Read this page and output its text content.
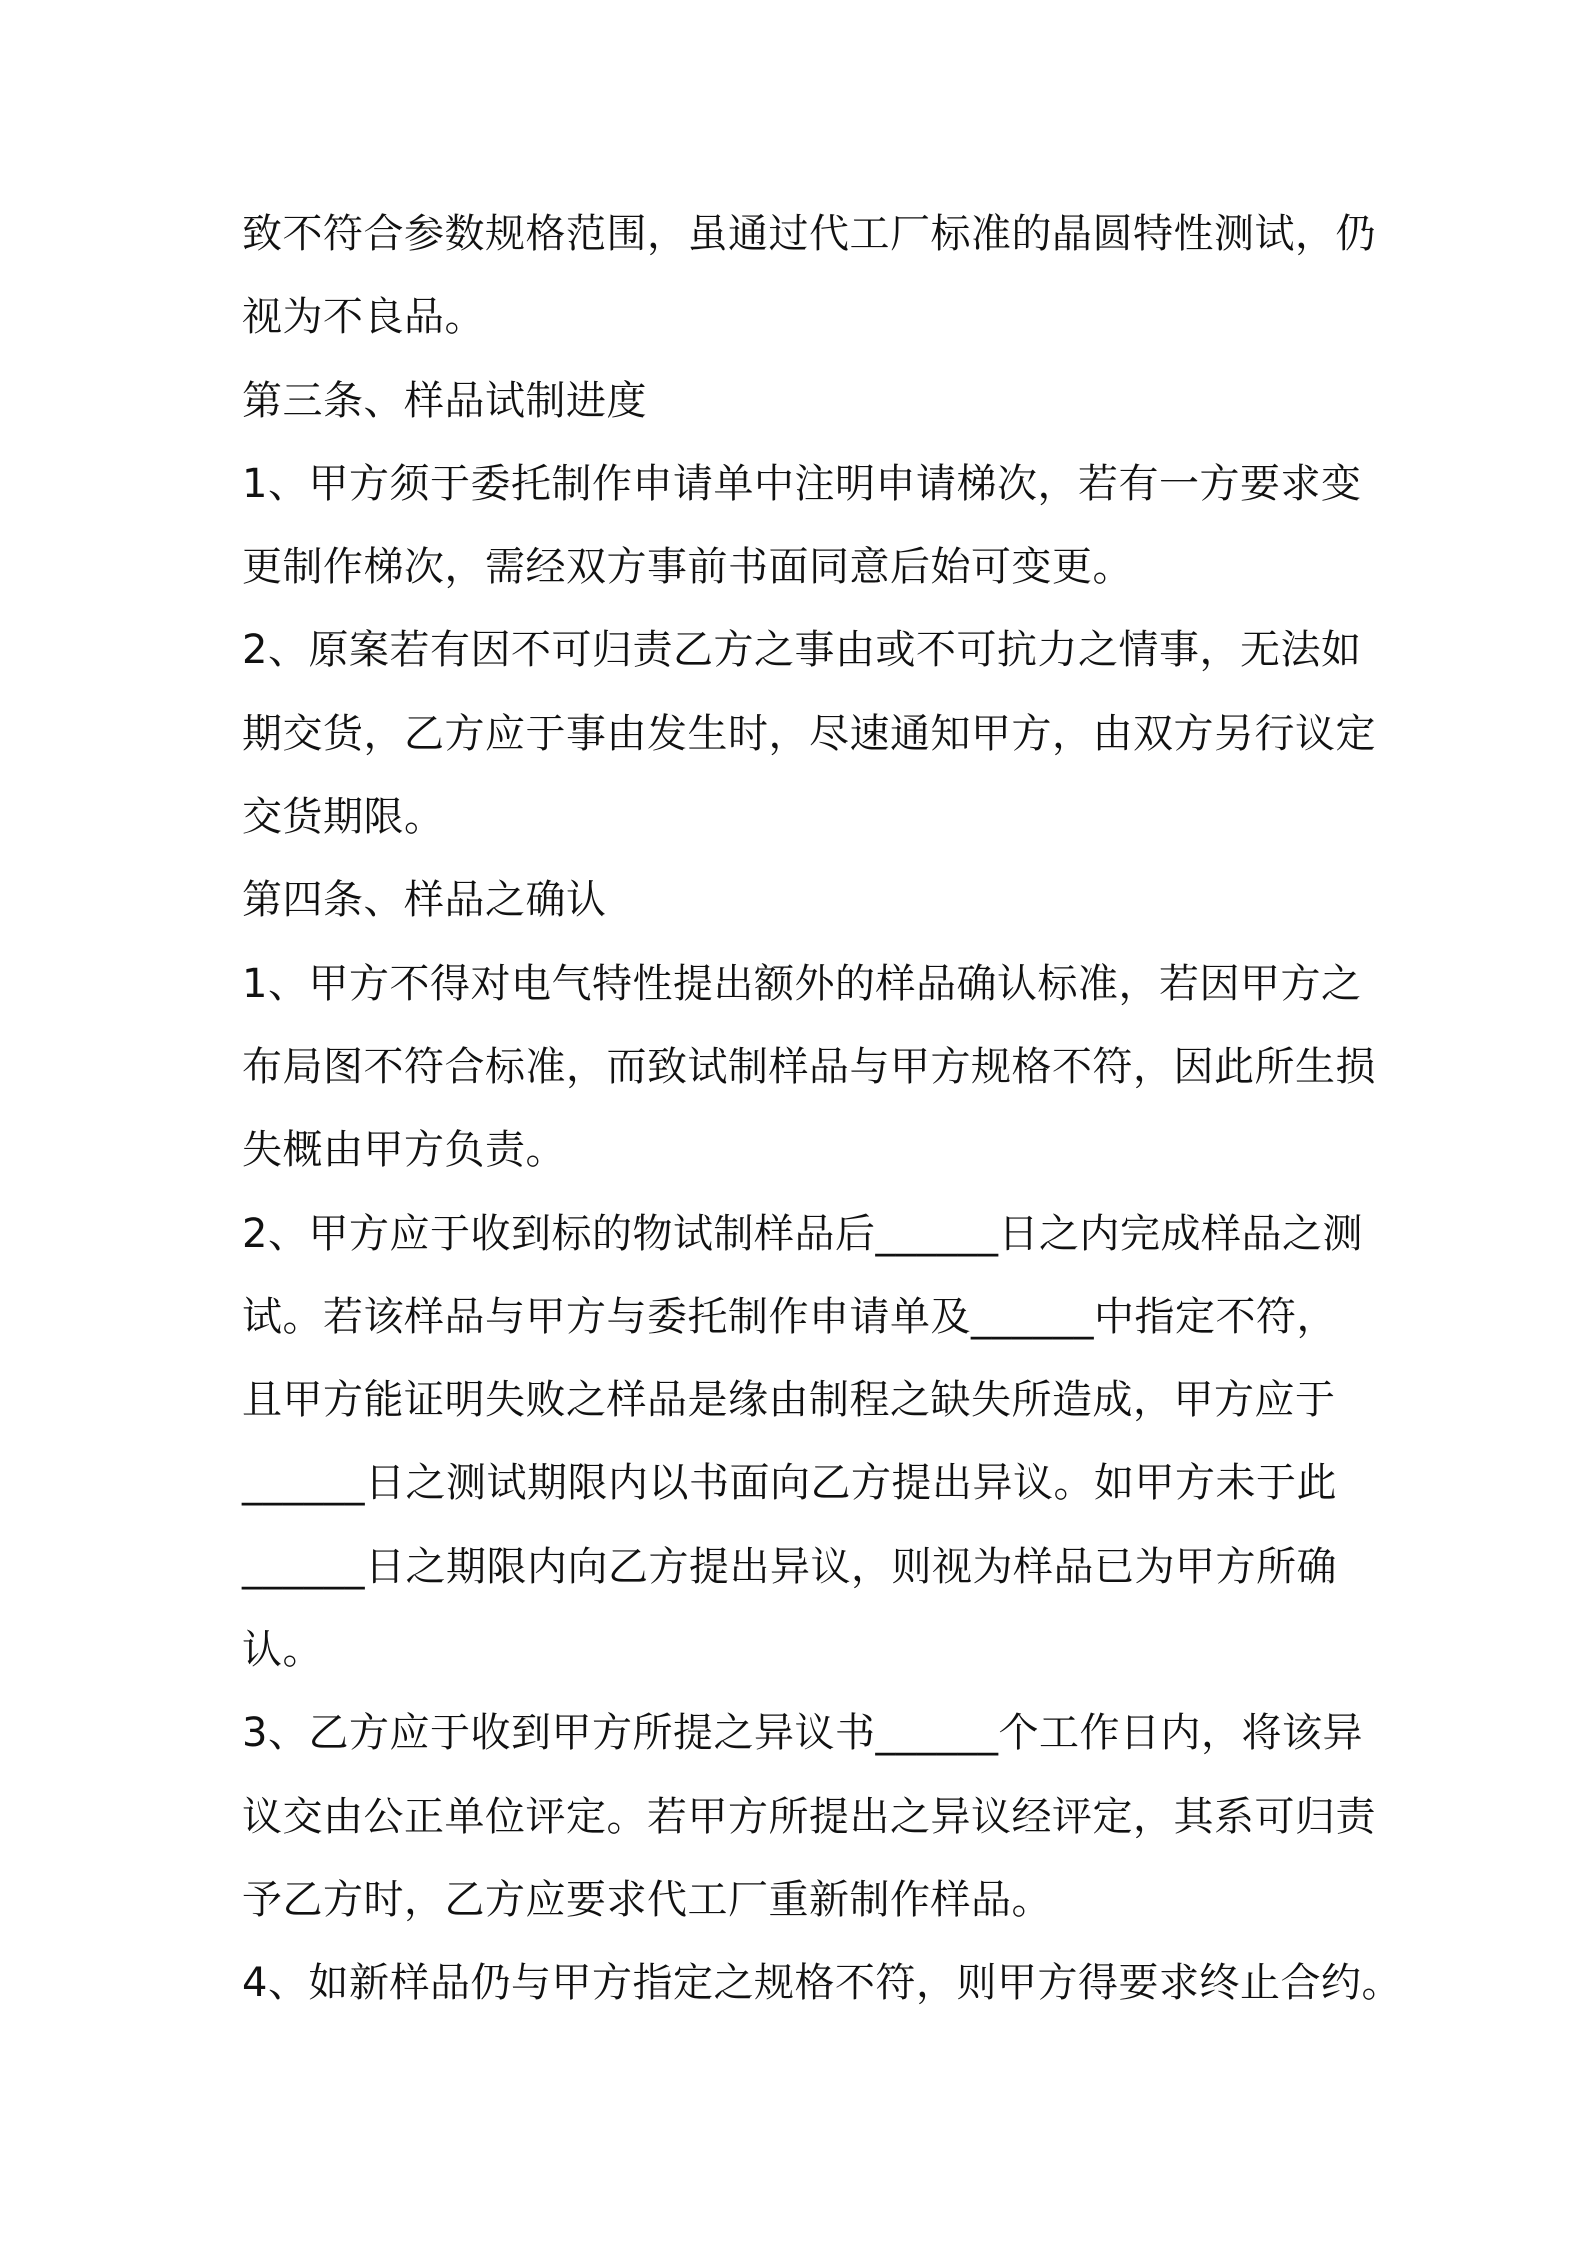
致不符合参数规格范围，虽通过代工厂标准的晶圆特性测试，仍
视为不良品。
第三条、样品试制进度
1、甲方须于委托制作申请单中注明申请梯次，若有一方要求变
更制作梯次，需经双方事前书面同意后始可变更。
2、原案若有因不可归责乙方之事由或不可抗力之情事，无法如
期交货，乙方应于事由发生时，尽速通知甲方，由双方另行议定
交货期限。
第四条、样品之确认
1、甲方不得对电气特性提出额外的样品确认标准，若因甲方之
布局图不符合标准，而致试制样品与甲方规格不符，因此所生损
失概由甲方负责。
2、甲方应于收到标的物试制样品后______日之内完成样品之测
试。若该样品与甲方与委托制作申请单及______中指定不符，
且甲方能证明失败之样品是缘由制程之缺失所造成，甲方应于
______日之测试期限内以书面向乙方提出异议。如甲方未于此
______日之期限内向乙方提出异议，则视为样品已为甲方所确
认。
3、乙方应于收到甲方所提之异议书______个工作日内，将该异
议交由公正单位评定。若甲方所提出之异议经评定，其系可归责
予乙方时，乙方应要求代工厂重新制作样品。
4、如新样品仍与甲方指定之规格不符，则甲方得要求终止合约。
